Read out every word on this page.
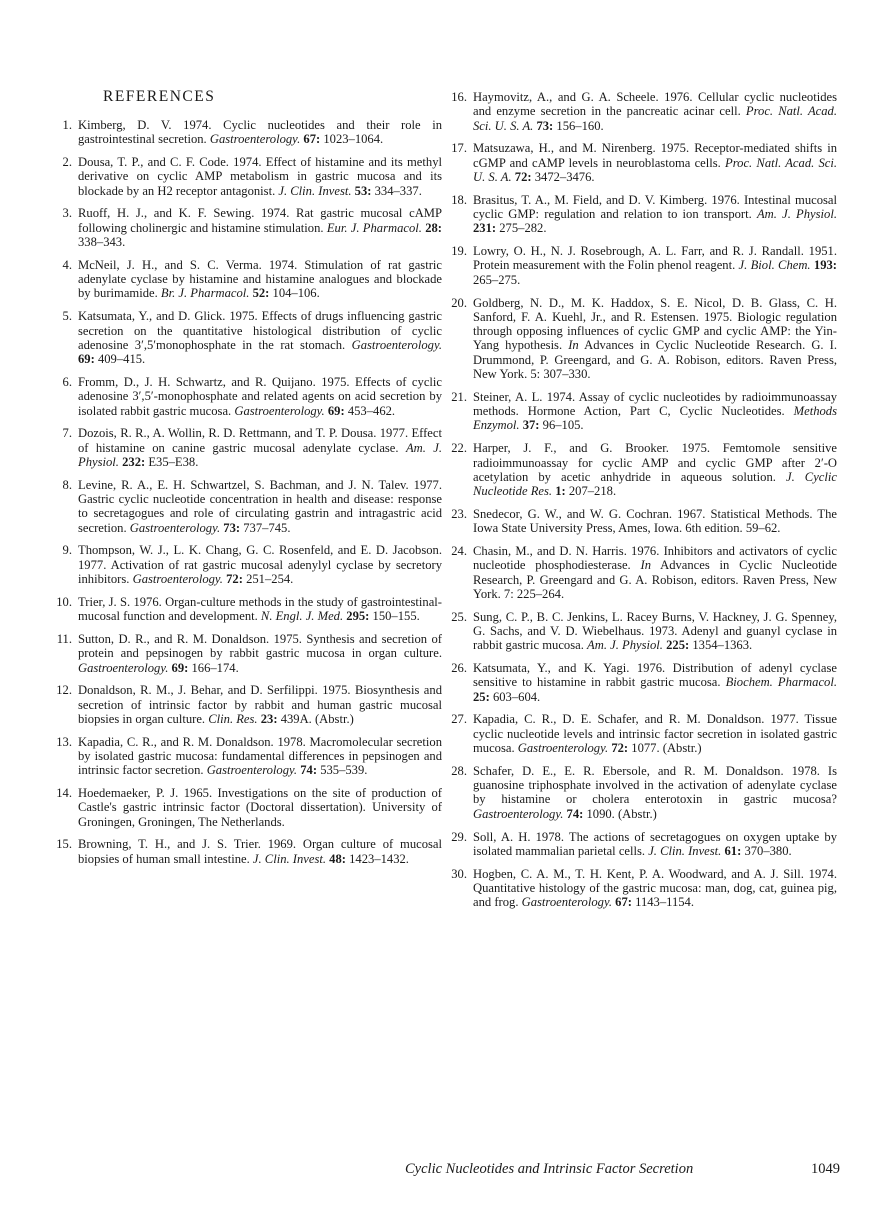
REFERENCES

1. Kimberg, D. V. 1974. Cyclic nucleotides and their role in gastrointestinal secretion. Gastroenterology. 67: 1023–1064.

2. Dousa, T. P., and C. F. Code. 1974. Effect of histamine and its methyl derivative on cyclic AMP metabolism in gastric mucosa and its blockade by an H2 receptor antagonist. J. Clin. Invest. 53: 334–337.

3. Ruoff, H. J., and K. F. Sewing. 1974. Rat gastric mucosal cAMP following cholinergic and histamine stimulation. Eur. J. Pharmacol. 28: 338–343.

4. McNeil, J. H., and S. C. Verma. 1974. Stimulation of rat gastric adenylate cyclase by histamine and histamine analogues and blockade by burimamide. Br. J. Pharmacol. 52: 104–106.

5. Katsumata, Y., and D. Glick. 1975. Effects of drugs influencing gastric secretion on the quantitative histological distribution of cyclic adenosine 3′,5′monophosphate in the rat stomach. Gastroenterology. 69: 409–415.

6. Fromm, D., J. H. Schwartz, and R. Quijano. 1975. Effects of cyclic adenosine 3′,5′-monophosphate and related agents on acid secretion by isolated rabbit gastric mucosa. Gastroenterology. 69: 453–462.

7. Dozois, R. R., A. Wollin, R. D. Rettmann, and T. P. Dousa. 1977. Effect of histamine on canine gastric mucosal adenylate cyclase. Am. J. Physiol. 232: E35–E38.

8. Levine, R. A., E. H. Schwartzel, S. Bachman, and J. N. Talev. 1977. Gastric cyclic nucleotide concentration in health and disease: response to secretagogues and role of circulating gastrin and intragastric acid secretion. Gastroenterology. 73: 737–745.

9. Thompson, W. J., L. K. Chang, G. C. Rosenfeld, and E. D. Jacobson. 1977. Activation of rat gastric mucosal adenylyl cyclase by secretory inhibitors. Gastroenterology. 72: 251–254.

10. Trier, J. S. 1976. Organ-culture methods in the study of gastrointestinal-mucosal function and development. N. Engl. J. Med. 295: 150–155.

11. Sutton, D. R., and R. M. Donaldson. 1975. Synthesis and secretion of protein and pepsinogen by rabbit gastric mucosa in organ culture. Gastroenterology. 69: 166–174.

12. Donaldson, R. M., J. Behar, and D. Serfilippi. 1975. Biosynthesis and secretion of intrinsic factor by rabbit and human gastric mucosal biopsies in organ culture. Clin. Res. 23: 439A. (Abstr.)

13. Kapadia, C. R., and R. M. Donaldson. 1978. Macromolecular secretion by isolated gastric mucosa: fundamental differences in pepsinogen and intrinsic factor secretion. Gastroenterology. 74: 535–539.

14. Hoedemaeker, P. J. 1965. Investigations on the site of production of Castle's gastric intrinsic factor (Doctoral dissertation). University of Groningen, Groningen, The Netherlands.

15. Browning, T. H., and J. S. Trier. 1969. Organ culture of mucosal biopsies of human small intestine. J. Clin. Invest. 48: 1423–1432.

16. Haymovitz, A., and G. A. Scheele. 1976. Cellular cyclic nucleotides and enzyme secretion in the pancreatic acinar cell. Proc. Natl. Acad. Sci. U. S. A. 73: 156–160.

17. Matsuzawa, H., and M. Nirenberg. 1975. Receptor-mediated shifts in cGMP and cAMP levels in neuroblastoma cells. Proc. Natl. Acad. Sci. U. S. A. 72: 3472–3476.

18. Brasitus, T. A., M. Field, and D. V. Kimberg. 1976. Intestinal mucosal cyclic GMP: regulation and relation to ion transport. Am. J. Physiol. 231: 275–282.

19. Lowry, O. H., N. J. Rosebrough, A. L. Farr, and R. J. Randall. 1951. Protein measurement with the Folin phenol reagent. J. Biol. Chem. 193: 265–275.

20. Goldberg, N. D., M. K. Haddox, S. E. Nicol, D. B. Glass, C. H. Sanford, F. A. Kuehl, Jr., and R. Estensen. 1975. Biologic regulation through opposing influences of cyclic GMP and cyclic AMP: the Yin-Yang hypothesis. In Advances in Cyclic Nucleotide Research. G. I. Drummond, P. Greengard, and G. A. Robison, editors. Raven Press, New York. 5: 307–330.

21. Steiner, A. L. 1974. Assay of cyclic nucleotides by radioimmunoassay methods. Hormone Action, Part C, Cyclic Nucleotides. Methods Enzymol. 37: 96–105.

22. Harper, J. F., and G. Brooker. 1975. Femtomole sensitive radioimmunoassay for cyclic AMP and cyclic GMP after 2′-O acetylation by acetic anhydride in aqueous solution. J. Cyclic Nucleotide Res. 1: 207–218.

23. Snedecor, G. W., and W. G. Cochran. 1967. Statistical Methods. The Iowa State University Press, Ames, Iowa. 6th edition. 59–62.

24. Chasin, M., and D. N. Harris. 1976. Inhibitors and activators of cyclic nucleotide phosphodiesterase. In Advances in Cyclic Nucleotide Research, P. Greengard and G. A. Robison, editors. Raven Press, New York. 7: 225–264.

25. Sung, C. P., B. C. Jenkins, L. Racey Burns, V. Hackney, J. G. Spenney, G. Sachs, and V. D. Wiebelhaus. 1973. Adenyl and guanyl cyclase in rabbit gastric mucosa. Am. J. Physiol. 225: 1354–1363.

26. Katsumata, Y., and K. Yagi. 1976. Distribution of adenyl cyclase sensitive to histamine in rabbit gastric mucosa. Biochem. Pharmacol. 25: 603–604.

27. Kapadia, C. R., D. E. Schafer, and R. M. Donaldson. 1977. Tissue cyclic nucleotide levels and intrinsic factor secretion in isolated gastric mucosa. Gastroenterology. 72: 1077. (Abstr.)

28. Schafer, D. E., E. R. Ebersole, and R. M. Donaldson. 1978. Is guanosine triphosphate involved in the activation of adenylate cyclase by histamine or cholera enterotoxin in gastric mucosa? Gastroenterology. 74: 1090. (Abstr.)

29. Soll, A. H. 1978. The actions of secretagogues on oxygen uptake by isolated mammalian parietal cells. J. Clin. Invest. 61: 370–380.

30. Hogben, C. A. M., T. H. Kent, P. A. Woodward, and A. J. Sill. 1974. Quantitative histology of the gastric mucosa: man, dog, cat, guinea pig, and frog. Gastroenterology. 67: 1143–1154.

Cyclic Nucleotides and Intrinsic Factor Secretion	1049
